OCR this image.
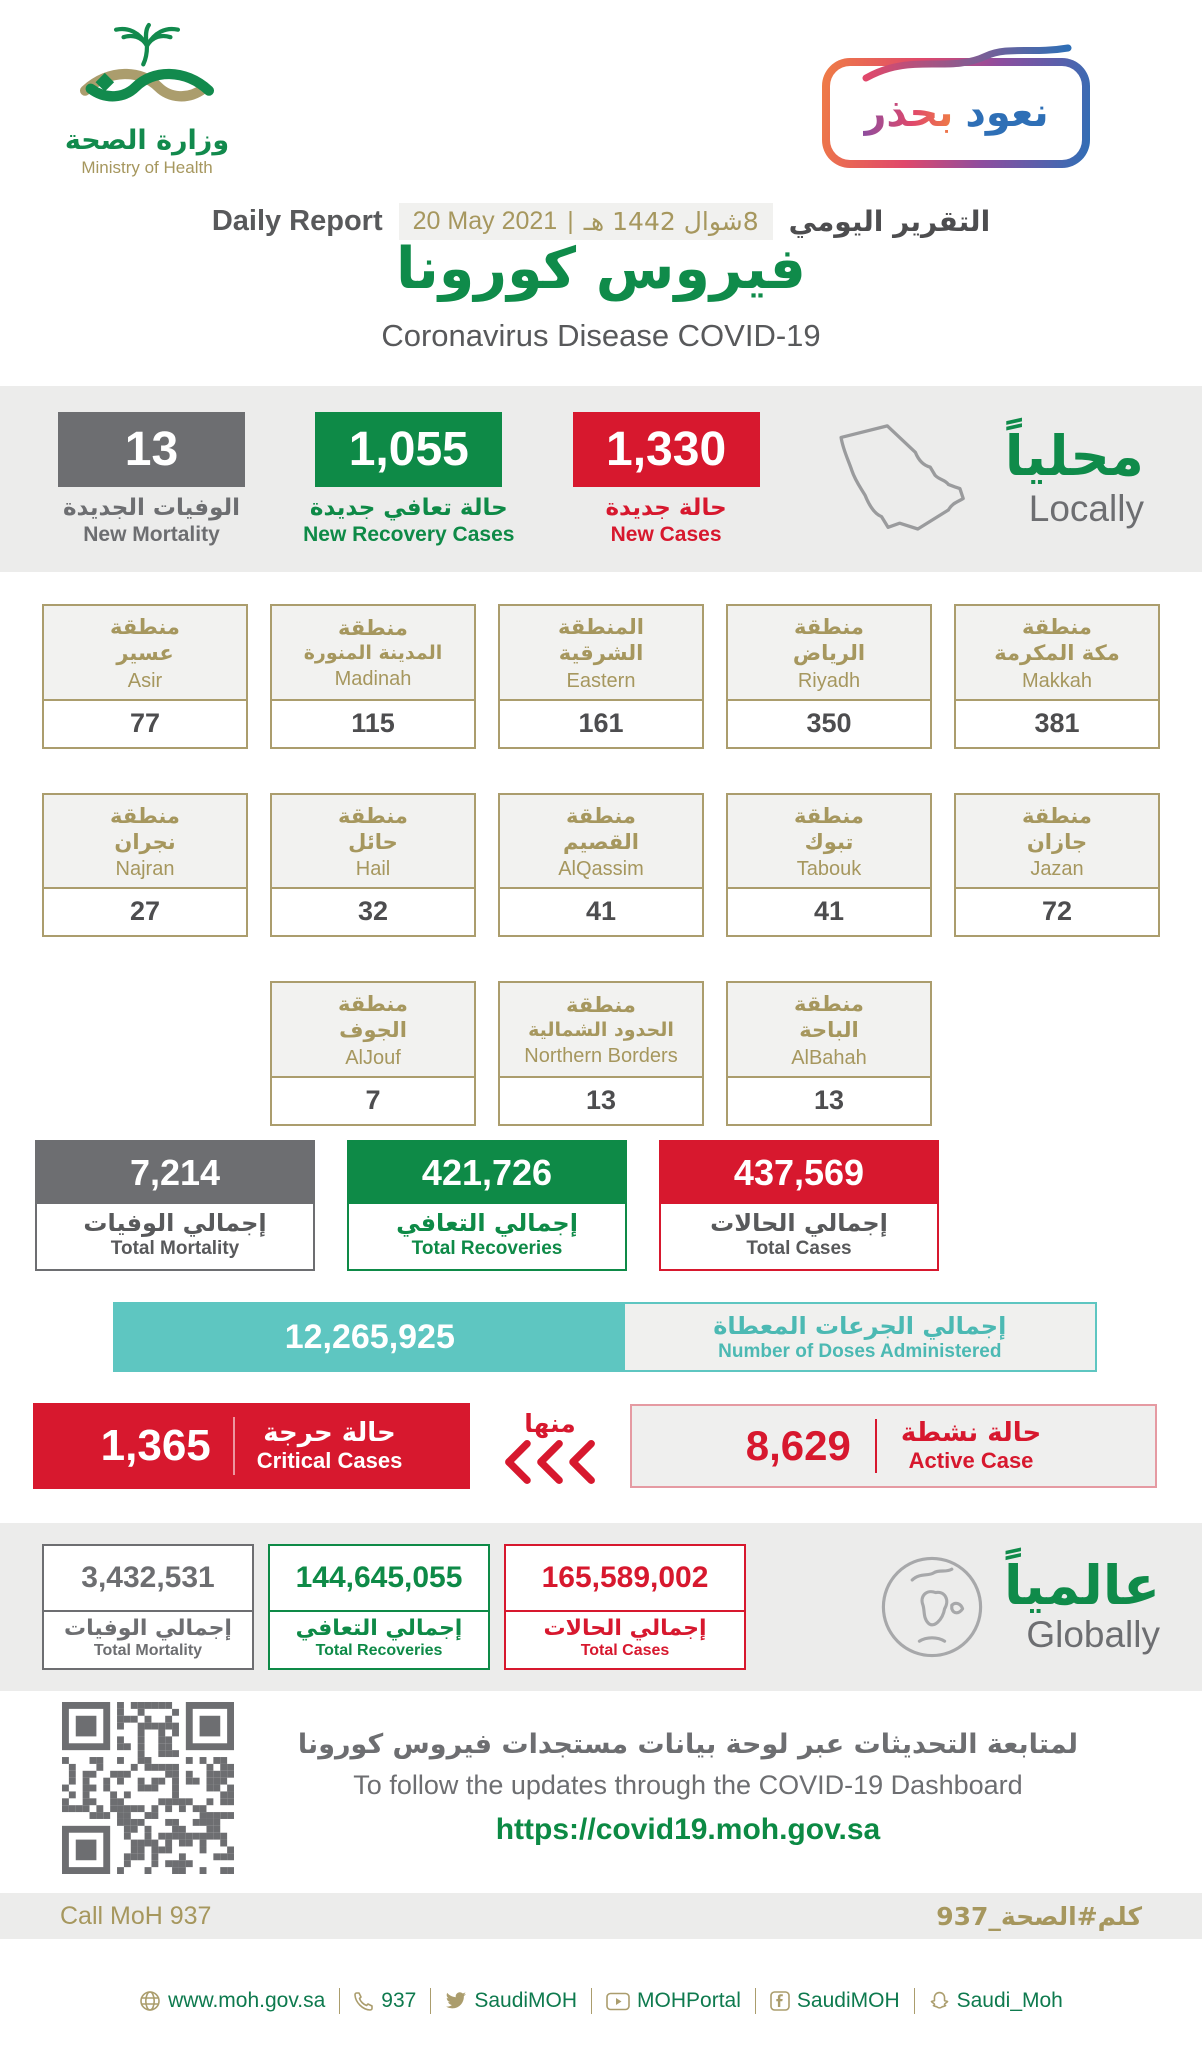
وزارة الصحة
Ministry of Health
نعود
بحذر
Daily Report	8شوال 1442 هـ
|
20 May 2021	التقرير اليومي
فيروس كورونا
Coronavirus Disease COVID-19
13
الوفيات الجديدة
New Mortality
1,055
حالة تعافي جديدة
New Recovery Cases
1,330
حالة جديدة
New Cases
محلياً
Locally
منطقة
عسير
Asir
77
منطقة
المدينة المنورة
Madinah
115
المنطقة
الشرقية
Eastern
161
منطقة
الرياض
Riyadh
350
منطقة
مكة المكرمة
Makkah
381
منطقة
نجران
Najran
27
منطقة
حائل
Hail
32
منطقة
القصيم
AlQassim
41
منطقة
تبوك
Tabouk
41
منطقة
جازان
Jazan
72
منطقة
الجوف
AlJouf
7
منطقة
الحدود الشمالية
Northern Borders
13
منطقة
الباحة
AlBahah
13
7,214
إجمالي الوفيات
Total Mortality
421,726
إجمالي التعافي
Total Recoveries
437,569
إجمالي الحالات
Total Cases
12,265,925	إجمالي الجرعات المعطاة
Number of Doses Administered
1,365 حالة حرجة
Critical Cases
منها	8,629 حالة نشطة
Active Case
3,432,531
إجمالي الوفيات
Total Mortality
144,645,055
إجمالي التعافي
Total Recoveries
165,589,002
إجمالي الحالات
Total Cases
عالمياً
Globally
لمتابعة التحديثات عبر لوحة بيانات مستجدات فيروس كورونا
To follow the updates through the COVID-19 Dashboard
https://covid19.moh.gov.sa
Call MoH 937	كلم#الصحة_937
www.moh.gov.sa	937	SaudiMOH	MOHPortal	SaudiMOH	Saudi_Moh
